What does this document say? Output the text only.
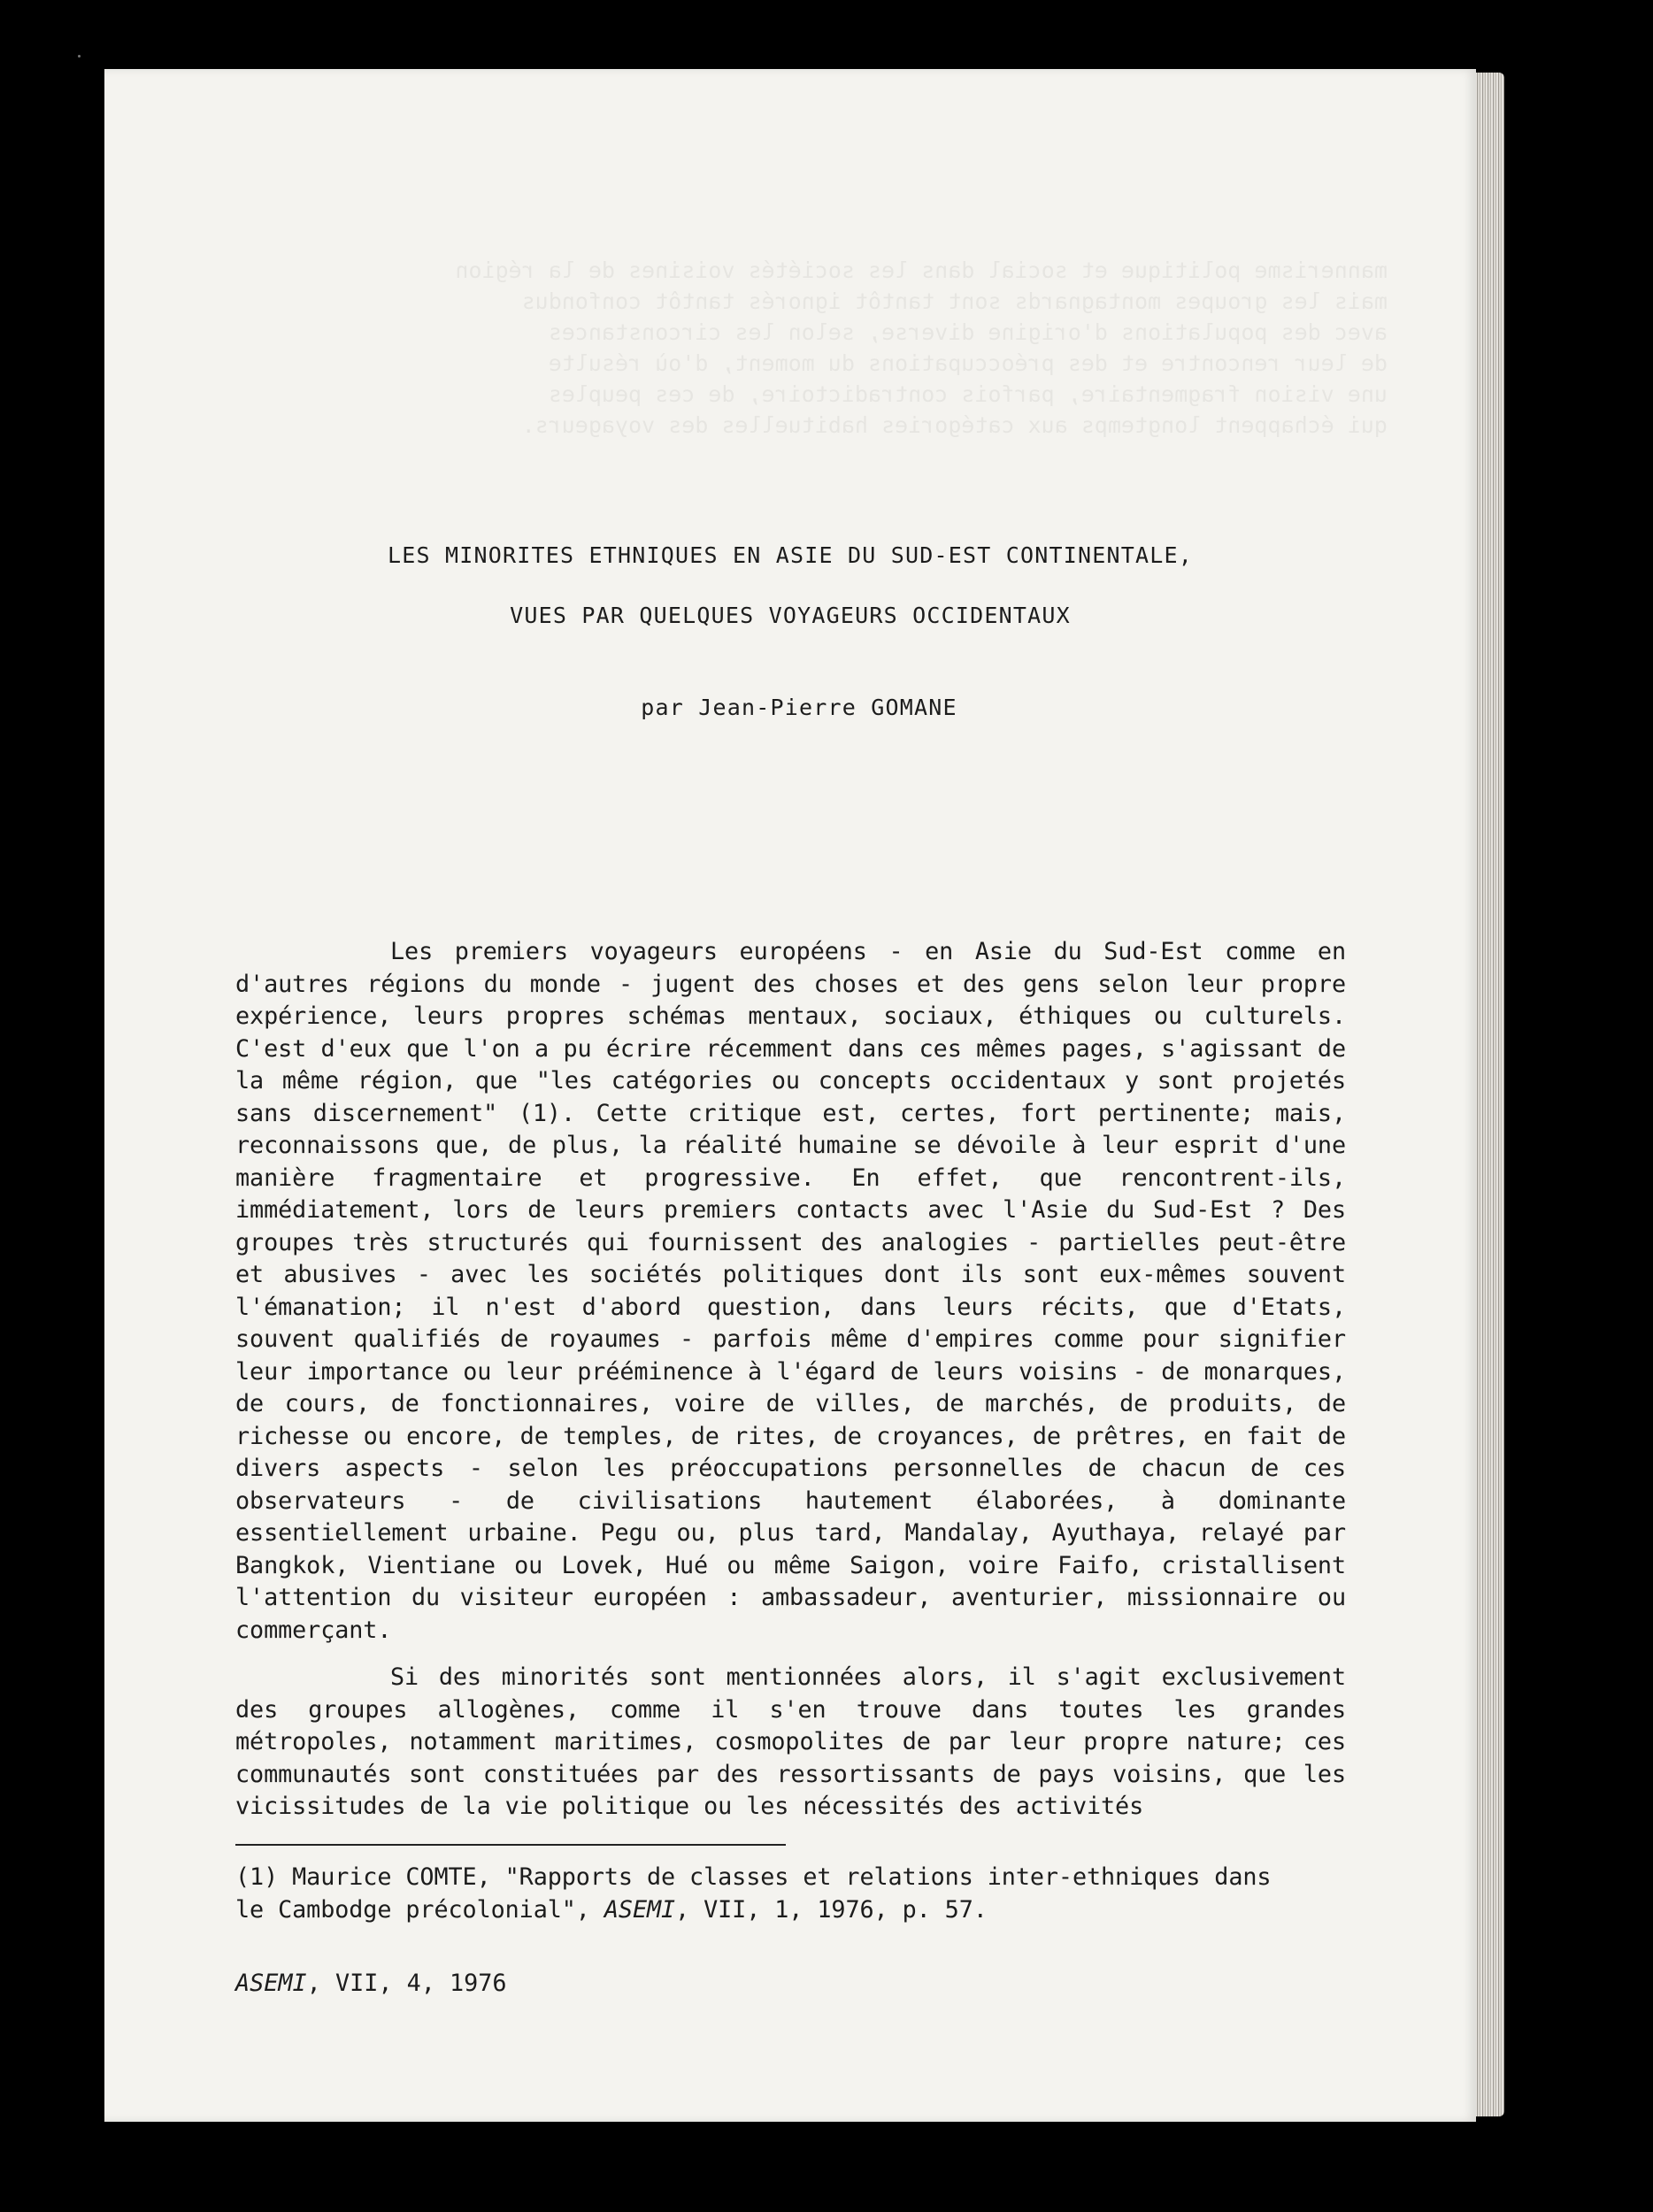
mannerisme politique et social dans les sociétés voisines de la région
mais les groupes montagnards sont tantôt ignorés tantôt confondus
avec des populations d'origine diverse, selon les circonstances
de leur rencontre et des préoccupations du moment, d'où résulte
une vision fragmentaire, parfois contradictoire, de ces peuples
qui échappent longtemps aux catégories habituelles des voyageurs.
LES MINORITES ETHNIQUES EN ASIE DU SUD-EST CONTINENTALE,
VUES PAR QUELQUES VOYAGEURS OCCIDENTAUX
par Jean-Pierre GOMANE

Les premiers voyageurs européens - en Asie du Sud-Est comme en d'autres régions du monde - jugent des choses et des gens selon leur propre expérience, leurs propres schémas mentaux, sociaux, éthiques ou culturels. C'est d'eux que l'on a pu écrire récemment dans ces mêmes pages, s'agissant de la même région, que "les catégories ou concepts occidentaux y sont projetés sans discernement" (1). Cette critique est, certes, fort pertinente; mais, reconnaissons que, de plus, la réalité humaine se dévoile à leur esprit d'une manière fragmentaire et progressive. En effet, que rencontrent-ils, immédiatement, lors de leurs premiers contacts avec l'Asie du Sud-Est ? Des groupes très structurés qui fournissent des analogies - partielles peut-être et abusives - avec les sociétés politiques dont ils sont eux-mêmes souvent l'émanation; il n'est d'abord question, dans leurs récits, que d'Etats, souvent qualifiés de royaumes - parfois même d'empires comme pour signifier leur importance ou leur prééminence à l'égard de leurs voisins - de monarques, de cours, de fonctionnaires, voire de villes, de marchés, de produits, de richesse ou encore, de temples, de rites, de croyances, de prêtres, en fait de divers aspects - selon les préoccupations personnelles de chacun de ces observateurs - de civilisations hautement élaborées, à dominante essentiellement urbaine. Pegu ou, plus tard, Mandalay, Ayuthaya, relayé par Bangkok, Vientiane ou Lovek, Hué ou même Saigon, voire Faifo, cristallisent l'attention du visiteur européen : ambassadeur, aventurier, missionnaire ou commerçant.

Si des minorités sont mentionnées alors, il s'agit exclusivement des groupes allogènes, comme il s'en trouve dans toutes les grandes métropoles, notamment maritimes, cosmopolites de par leur propre nature; ces communautés sont constituées par des ressortissants de pays voisins, que les vicissitudes de la vie politique ou les nécessités des activités

(1) Maurice COMTE, "Rapports de classes et relations inter-ethniques dans

le Cambodge précolonial", ASEMI, VII, 1, 1976, p. 57.

ASEMI, VII, 4, 1976
